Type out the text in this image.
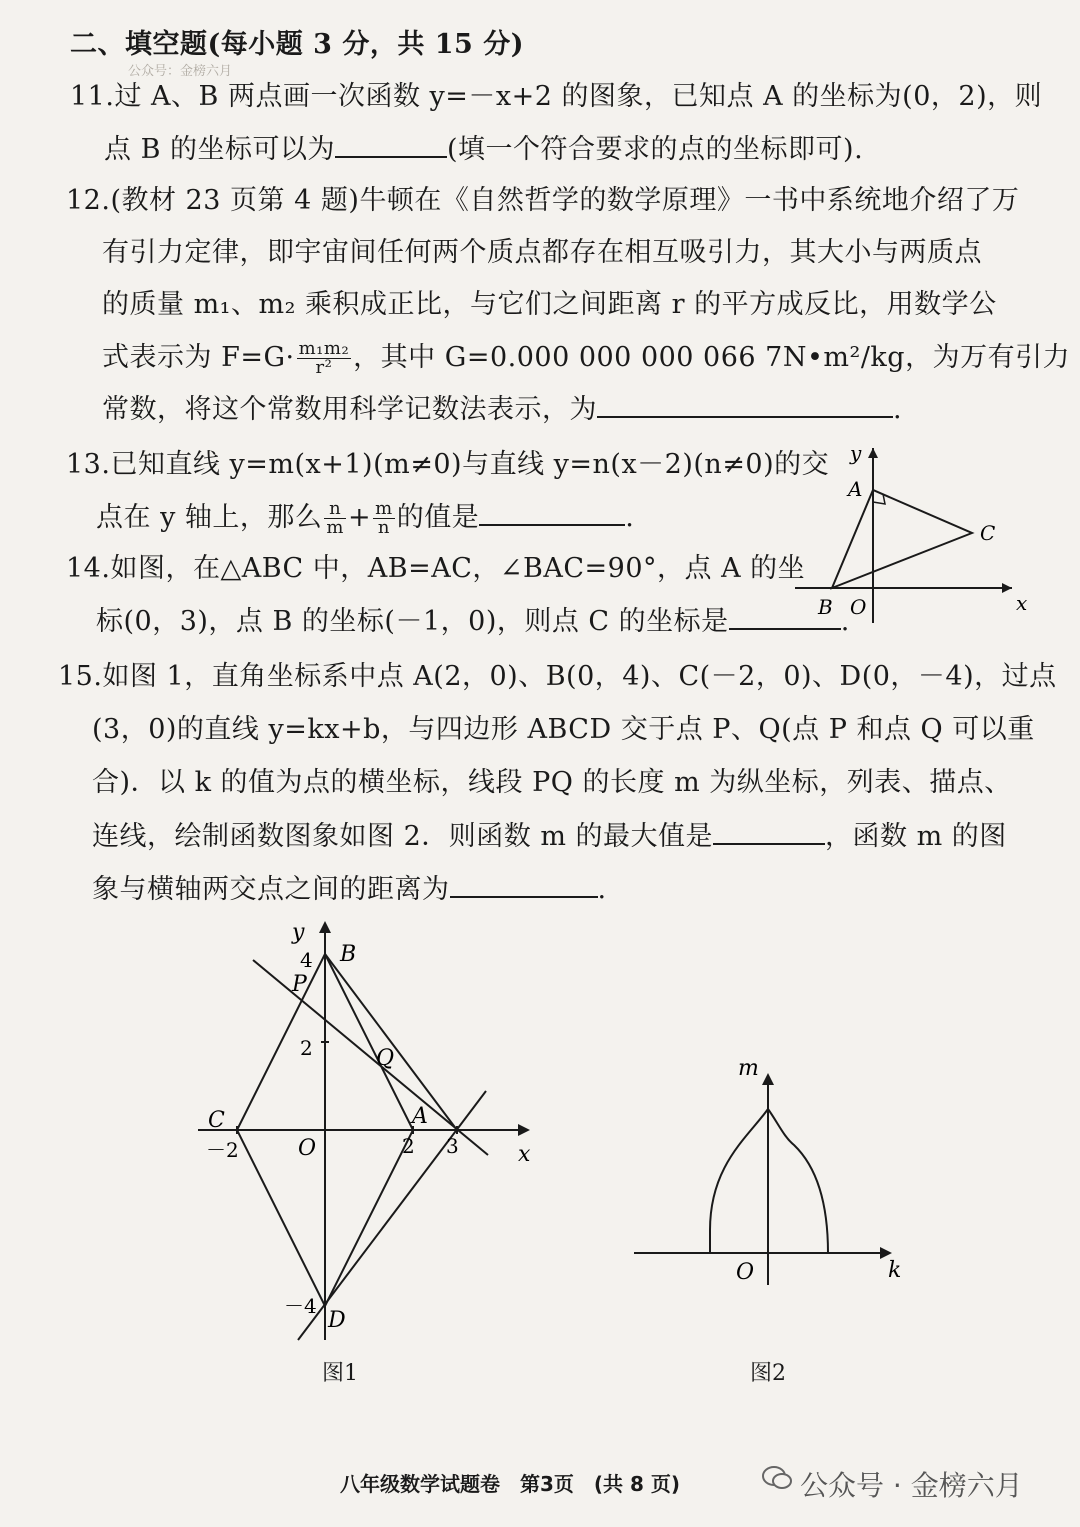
二、填空题(每小题 3 分，共 15 分)
公众号：金榜六月
11.过 A、B 两点画一次函数 y=－x+2 的图象，已知点 A 的坐标为(0，2)，则
点 B 的坐标可以为	(填一个符合要求的点的坐标即可).
12.(教材 23 页第 4 题)牛顿在《自然哲学的数学原理》一书中系统地介绍了万
有引力定律，即宇宙间任何两个质点都存在相互吸引力，其大小与两质点
的质量 m₁、m₂ 乘积成正比，与它们之间距离 r 的平方成反比，用数学公
式表示为 $F=G\cdot \frac{\text{m₁m₂}}{\text{r²}}$ ，其中 G=0.000 000 000 066 7N•m²/kg，为万有引力
常数，将这个常数用科学记数法表示，为	.
13.已知直线 y=m(x+1)(m≠0)与直线 y=n(x－2)(n≠0)的交
点在 y 轴上，那么 $\frac{n}{m} + \frac{m}{n}$ 的值是	.
14.如图，在△ABC 中，AB=AC，∠BAC=90°，点 A 的坐
标(0，3)，点 B 的坐标(－1，0)，则点 C 的坐标是	.
y
x
A
C
B O
15.如图 1，直角坐标系中点 A(2，0)、B(0，4)、C(－2，0)、D(0，－4)，过点
(3，0)的直线 y=kx+b，与四边形 ABCD 交于点 P、Q(点 P 和点 Q 可以重
合)．以 k 的值为点的横坐标，线段 PQ 的长度 m 为纵坐标，列表、描点、
连线，绘制函数图象如图 2．则函数 m 的最大值是	，函数 m 的图
象与横轴两交点之间的距离为	.
y
x
O
B
P
Q
A
C
D
4
2
－2	2 3
－4
图1
m
k
O
图2
八年级数学试题卷　第3页　(共 8 页)	公众号 · 金榜六月
